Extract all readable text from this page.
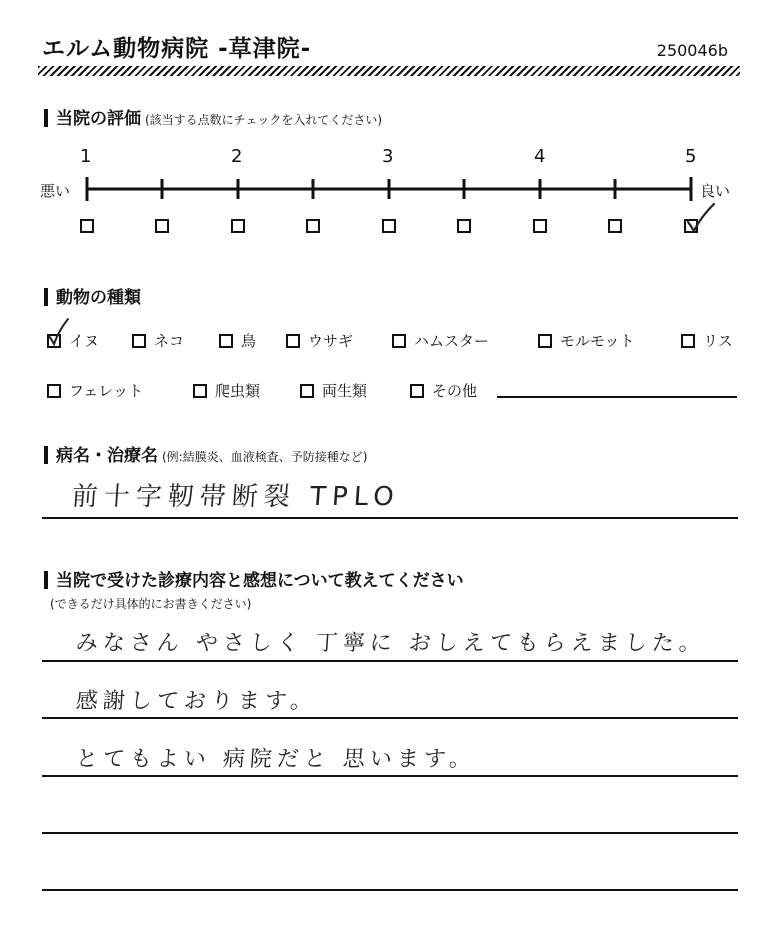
エルム動物病院 -草津院-	250046b
当院の評価 (該当する点数にチェックを入れてください)
1	2	3	4	5
悪い	良い
動物の種類
イヌ	ネコ	鳥	ウサギ	ハムスター	モルモット	リス
フェレット	爬虫類	両生類	その他
病名・治療名 (例:結膜炎、血液検査、予防接種など)
前十字靭帯断裂 TPLO
当院で受けた診療内容と感想について教えてください
(できるだけ具体的にお書きください)
みなさん やさしく 丁寧に おしえてもらえました。
感謝しております。
とてもよい 病院だと 思います。
